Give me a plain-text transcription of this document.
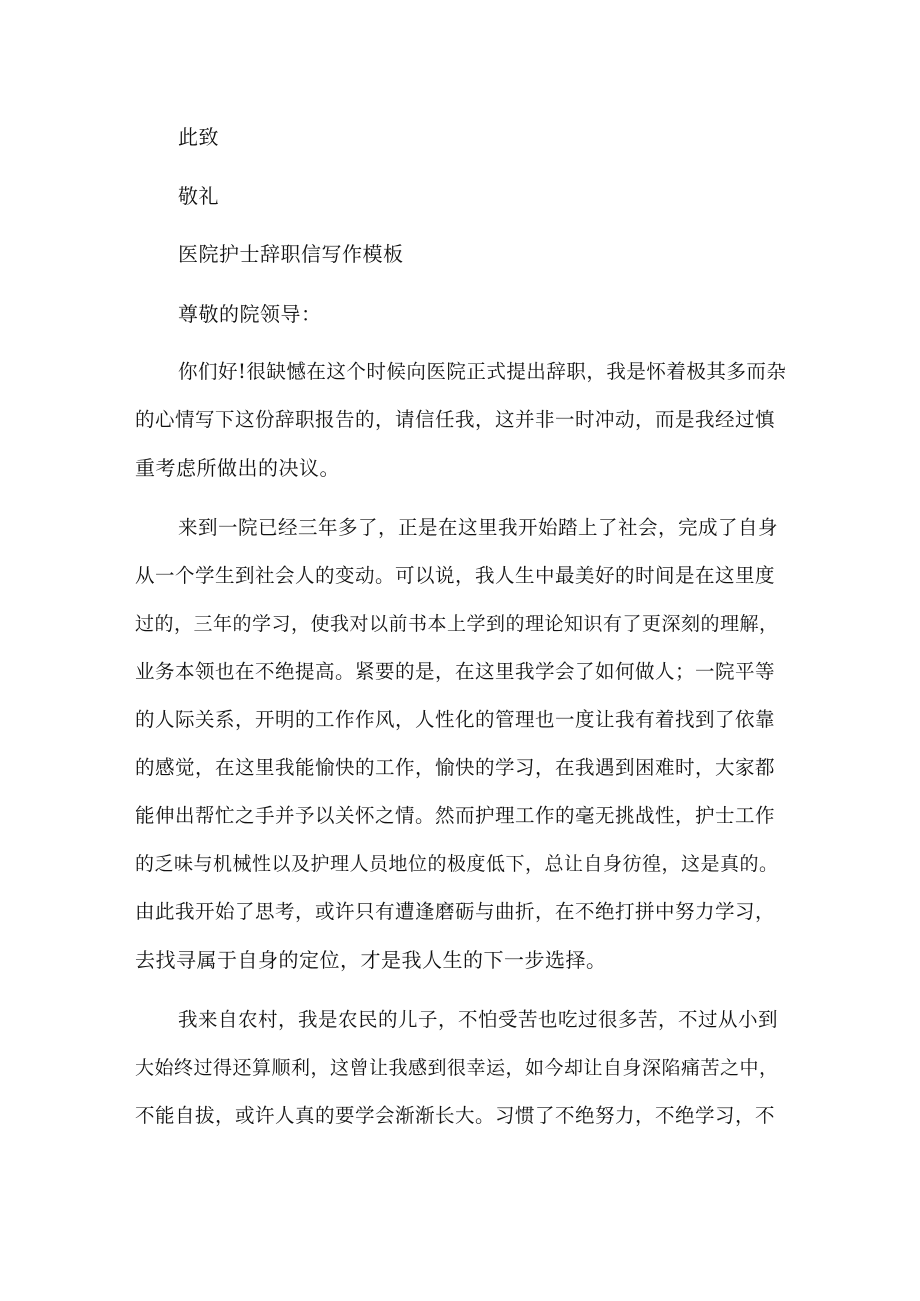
此致
敬礼
医院护士辞职信写作模板
尊敬的院领导：
你们好!很缺憾在这个时候向医院正式提出辞职，我是怀着极其多而杂
的心情写下这份辞职报告的，请信任我，这并非一时冲动，而是我经过慎
重考虑所做出的决议。
来到一院已经三年多了，正是在这里我开始踏上了社会，完成了自身
从一个学生到社会人的变动。可以说，我人生中最美好的时间是在这里度
过的，三年的学习，使我对以前书本上学到的理论知识有了更深刻的理解，
业务本领也在不绝提高。紧要的是，在这里我学会了如何做人；一院平等
的人际关系，开明的工作作风，人性化的管理也一度让我有着找到了依靠
的感觉，在这里我能愉快的工作，愉快的学习，在我遇到困难时，大家都
能伸出帮忙之手并予以关怀之情。然而护理工作的毫无挑战性，护士工作
的乏味与机械性以及护理人员地位的极度低下，总让自身彷徨，这是真的。
由此我开始了思考，或许只有遭逢磨砺与曲折，在不绝打拼中努力学习，
去找寻属于自身的定位，才是我人生的下一步选择。
我来自农村，我是农民的儿子，不怕受苦也吃过很多苦，不过从小到
大始终过得还算顺利，这曾让我感到很幸运，如今却让自身深陷痛苦之中，
不能自拔，或许人真的要学会渐渐长大。习惯了不绝努力，不绝学习，不
